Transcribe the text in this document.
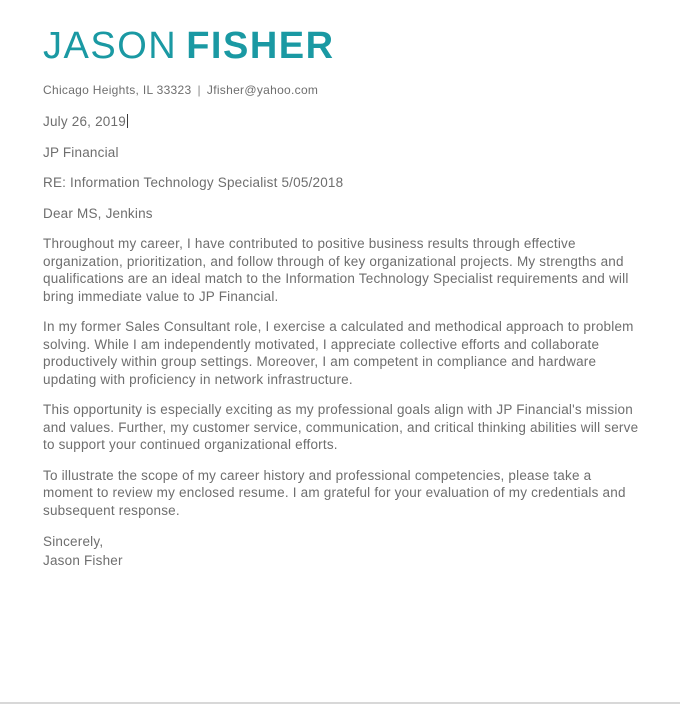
JASON FISHER
Chicago Heights, IL 33323 | Jfisher@yahoo.com
July 26, 2019
JP Financial
RE: Information Technology Specialist 5/05/2018
Dear MS, Jenkins

Throughout my career, I have contributed to positive business results through effective organization, prioritization, and follow through of key organizational projects. My strengths and qualifications are an ideal match to the Information Technology Specialist requirements and will bring immediate value to JP Financial.

In my former Sales Consultant role, I exercise a calculated and methodical approach to problem solving. While I am independently motivated, I appreciate collective efforts and collaborate productively within group settings. Moreover, I am competent in compliance and hardware updating with proficiency in network infrastructure.

This opportunity is especially exciting as my professional goals align with JP Financial's mission and values. Further, my customer service, communication, and critical thinking abilities will serve to support your continued organizational efforts.

To illustrate the scope of my career history and professional competencies, please take a moment to review my enclosed resume. I am grateful for your evaluation of my credentials and subsequent response.

Sincerely,
Jason Fisher
